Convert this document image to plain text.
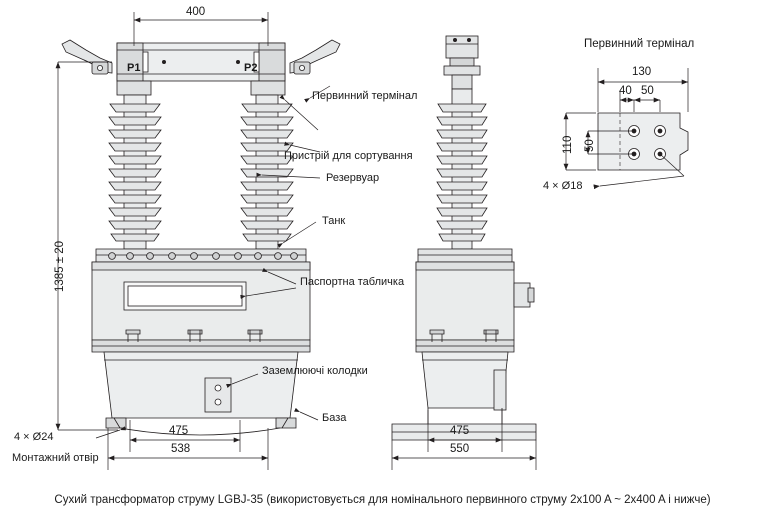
400
1385 ± 20
475
538
475
550
130
40 50
110 50
P1	P2
Первинний термінал
Пристрій для сортування
Резервуар
Танк
Паспортна табличка
Заземлюючі колодки
База
4 × Ø24
Монтажний отвір
4 × Ø18
Первинний термінал
Сухий трансформатор струму LGBJ-35 (використовується для номінального первинного струму 2x100 A ~ 2x400 A і нижче)
